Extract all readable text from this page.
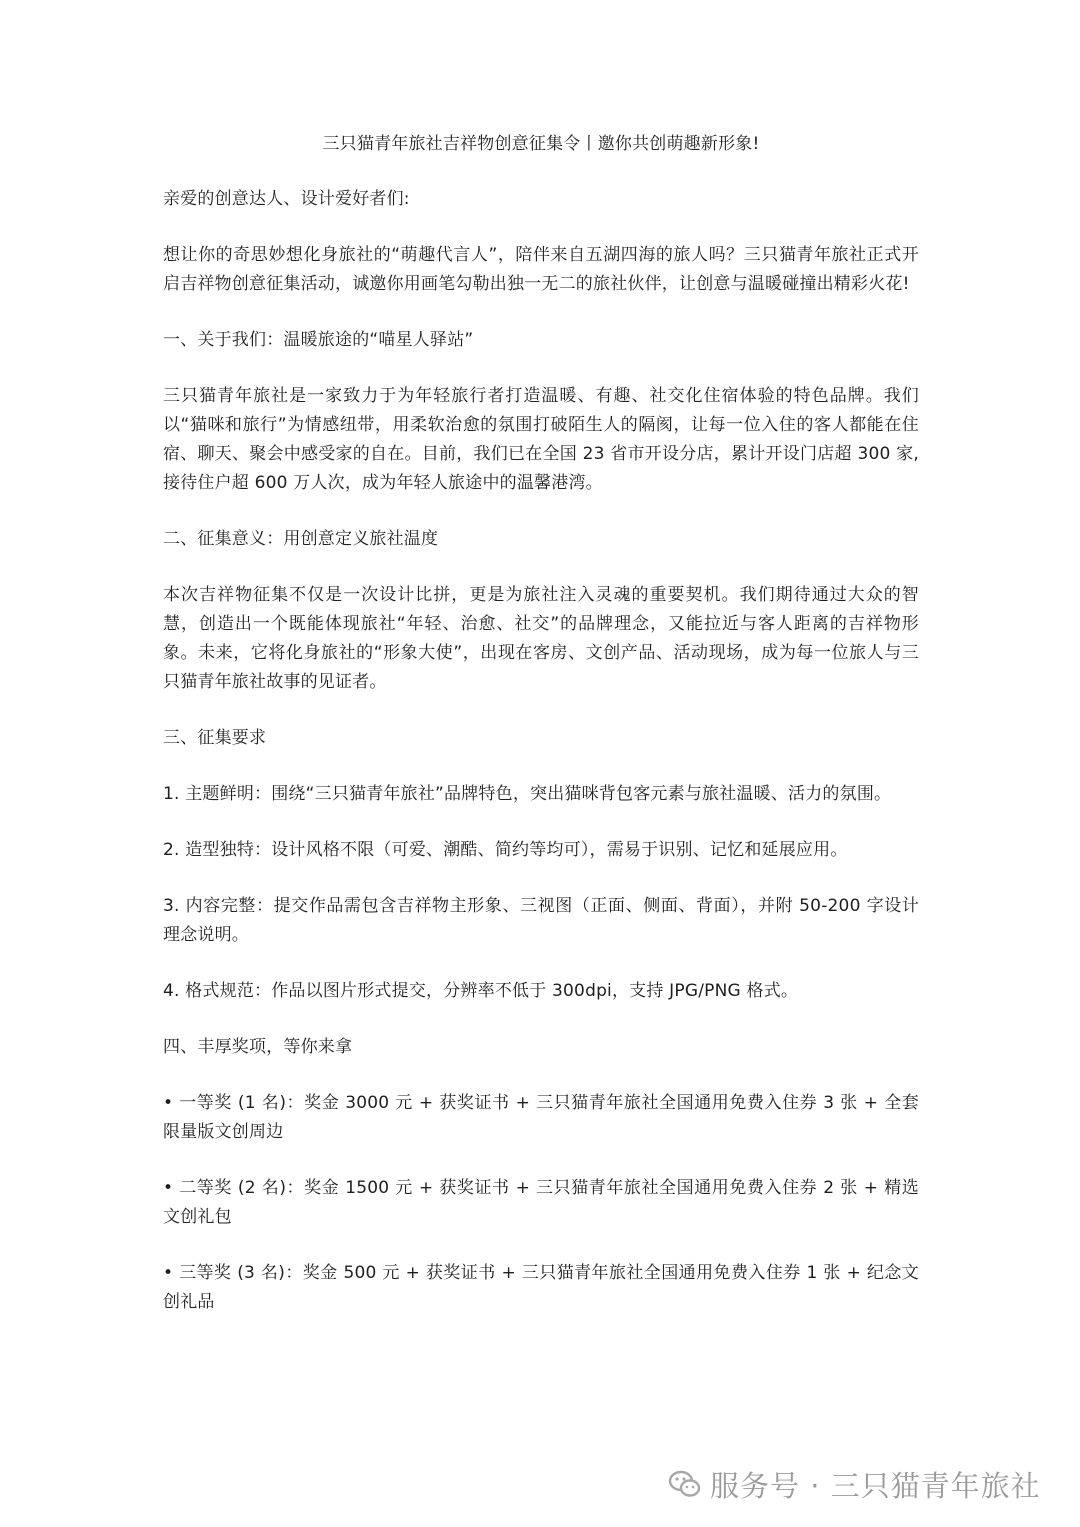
三只猫青年旅社吉祥物创意征集令丨邀你共创萌趣新形象!

亲爱的创意达人、设计爱好者们:

想让你的奇思妙想化身旅社的“萌趣代言人”，陪伴来自五湖四海的旅人吗？三只猫青年旅社正式开启吉祥物创意征集活动，诚邀你用画笔勾勒出独一无二的旅社伙伴，让创意与温暖碰撞出精彩火花!

一、关于我们：温暖旅途的“喵星人驿站”

三只猫青年旅社是一家致力于为年轻旅行者打造温暖、有趣、社交化住宿体验的特色品牌。我们以“猫咪和旅行”为情感纽带，用柔软治愈的氛围打破陌生人的隔阂，让每一位入住的客人都能在住宿、聊天、聚会中感受家的自在。目前，我们已在全国 23 省市开设分店，累计开设门店超 300 家,接待住户超 600 万人次，成为年轻人旅途中的温馨港湾。

二、征集意义：用创意定义旅社温度

本次吉祥物征集不仅是一次设计比拼，更是为旅社注入灵魂的重要契机。我们期待通过大众的智慧，创造出一个既能体现旅社“年轻、治愈、社交”的品牌理念，又能拉近与客人距离的吉祥物形象。未来，它将化身旅社的“形象大使”，出现在客房、文创产品、活动现场，成为每一位旅人与三只猫青年旅社故事的见证者。

三、征集要求

1. 主题鲜明：围绕“三只猫青年旅社”品牌特色，突出猫咪背包客元素与旅社温暖、活力的氛围。

2. 造型独特：设计风格不限（可爱、潮酷、简约等均可），需易于识别、记忆和延展应用。

3. 内容完整：提交作品需包含吉祥物主形象、三视图（正面、侧面、背面），并附 50-200 字设计理念说明。

4. 格式规范：作品以图片形式提交，分辨率不低于 300dpi，支持 JPG/PNG 格式。

四、丰厚奖项，等你来拿

• 一等奖 (1 名)：奖金 3000 元 + 获奖证书 + 三只猫青年旅社全国通用免费入住券 3 张 + 全套限量版文创周边

• 二等奖 (2 名)：奖金 1500 元 + 获奖证书 + 三只猫青年旅社全国通用免费入住券 2 张 + 精选文创礼包

• 三等奖 (3 名)：奖金 500 元 + 获奖证书 + 三只猫青年旅社全国通用免费入住券 1 张 + 纪念文创礼品

服务号 · 三只猫青年旅社
